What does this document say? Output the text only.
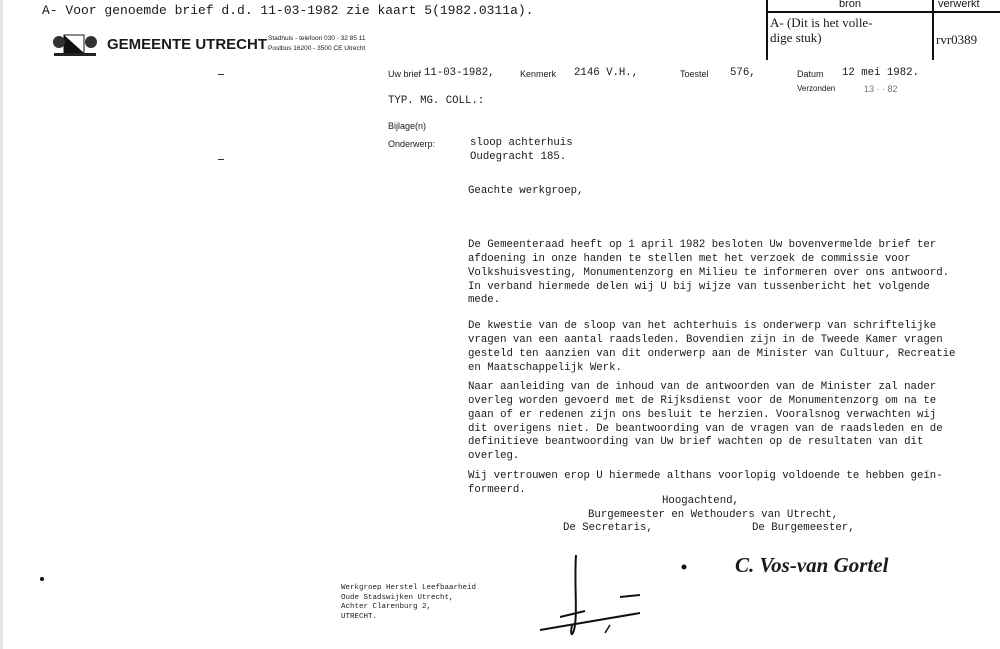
A- Voor genoemde brief d.d. 11-03-1982 zie kaart 5(1982.0311a).	bron	verwerkt
A- (Dit is het volle-
dige stuk)	rvr0389
GEMEENTE UTRECHT Stadhuis - telefoon 030 - 32 85 11
Postbus 16200 - 3500 CE Utrecht
Uw brief 11-03-1982,	Kenmerk 2146 V.H.,	Toestel 576,	Datum 12 mei 1982.
Verzonden	13 · · 82
TYP. MG. COLL.:
Bijlage(n)
Onderwerp:	sloop achterhuis
Oudegracht 185.
Geachte werkgroep,

De Gemeenteraad heeft op 1 april 1982 besloten Uw bovenvermelde brief ter
afdoening in onze handen te stellen met het verzoek de commissie voor
Volkshuisvesting, Monumentenzorg en Milieu te informeren over ons antwoord.
In verband hiermede delen wij U bij wijze van tussenbericht het volgende
mede.

De kwestie van de sloop van het achterhuis is onderwerp van schriftelijke
vragen van een aantal raadsleden. Bovendien zijn in de Tweede Kamer vragen
gesteld ten aanzien van dit onderwerp aan de Minister van Cultuur, Recreatie
en Maatschappelijk Werk.

Naar aanleiding van de inhoud van de antwoorden van de Minister zal nader
overleg worden gevoerd met de Rijksdienst voor de Monumentenzorg om na te
gaan of er redenen zijn ons besluit te herzien. Vooralsnog verwachten wij
dit overigens niet. De beantwoording van de vragen van de raadsleden en de
definitieve beantwoording van Uw brief wachten op de resultaten van dit
overleg.

Wij vertrouwen erop U hiermede althans voorlopig voldoende te hebben geïn-
formeerd.

Hoogachtend,
Burgemeester en Wethouders van Utrecht,
De Secretaris,	De Burgemeester,

Werkgroep Herstel Leefbaarheid
Oude Stadswijken Utrecht,
Achter Clarenburg 2,
UTRECHT.

C. Vos-van Gortel
